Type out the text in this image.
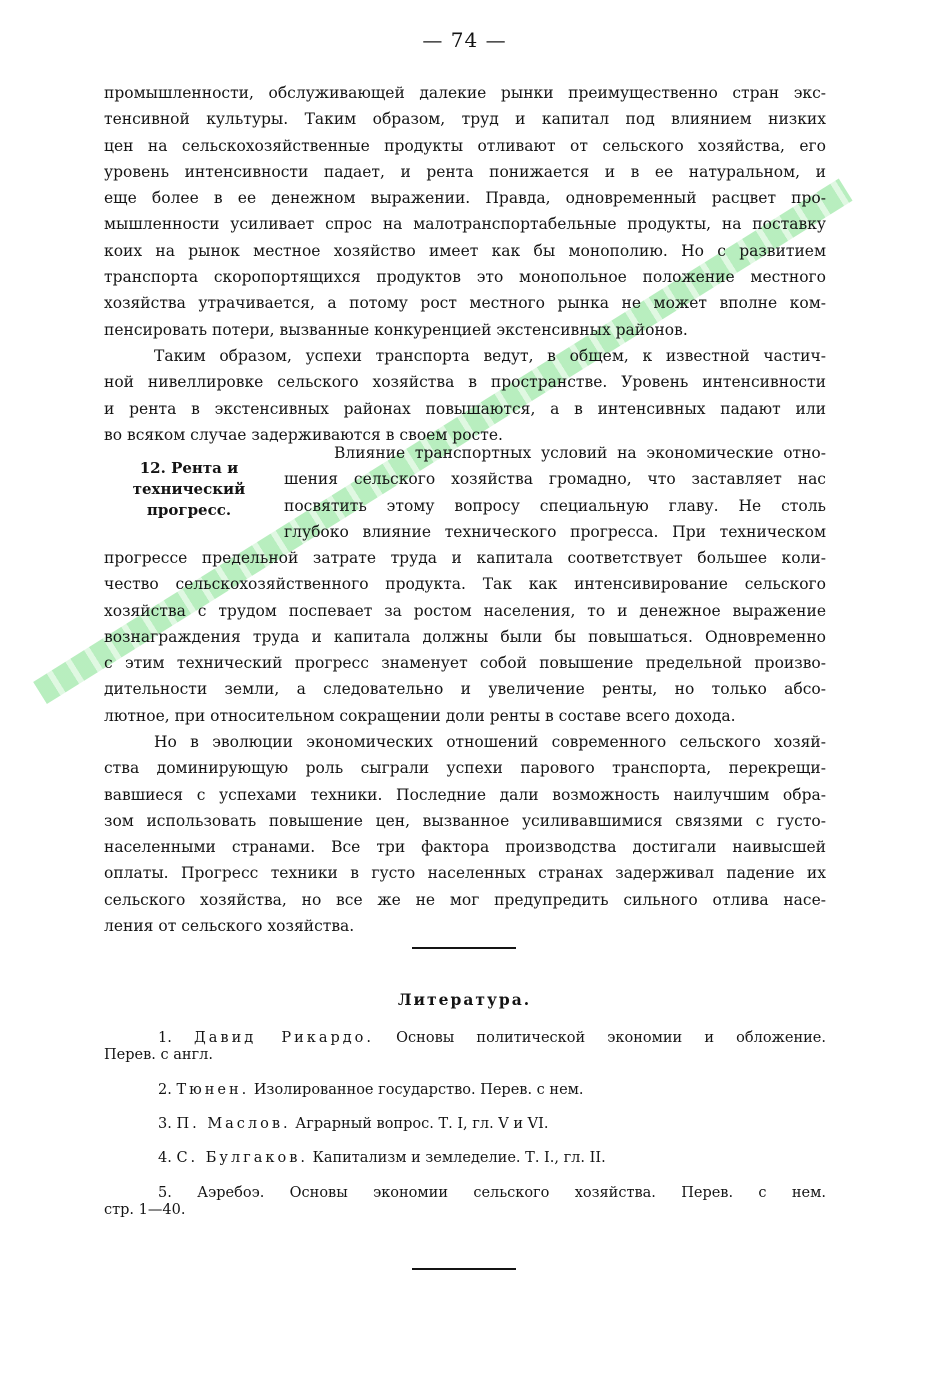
— 74 —
промышленности, обслуживающей далекие рынки преимущественно стран экс-
тенсивной культуры. Таким образом, труд и капитал под влиянием низких
цен на сельскохозяйственные продукты отливают от сельского хозяйства, его
уровень интенсивности падает, и рента понижается и в ее натуральном, и
еще более в ее денежном выражении. Правда, одновременный расцвет про-
мышленности усиливает спрос на малотранспортабельные продукты, на поставку
коих на рынок местное хозяйство имеет как бы монополию. Но с развитием
транспорта скоропортящихся продуктов это монопольное положение местного
хозяйства утрачивается, а потому рост местного рынка не может вполне ком-
пенсировать потери, вызванные конкуренцией экстенсивных районов.
Таким образом, успехи транспорта ведут, в общем, к известной частич-
ной нивеллировке сельского хозяйства в пространстве. Уровень интенсивности
и рента в экстенсивных районах повышаются, а в интенсивных падают или
во всяком случае задерживаются в своем росте.
12. Рента и
технический
прогресс.
Влияние транспортных условий на экономические отно-
шения сельского хозяйства громадно, что заставляет нас
посвятить этому вопросу специальную главу. Не столь
глубоко влияние технического прогресса. При техническом
прогрессе предельной затрате труда и капитала соответствует большее коли-
чество сельскохозяйственного продукта. Так как интенсивирование сельского
хозяйства с трудом поспевает за ростом населения, то и денежное выражение
вознаграждения труда и капитала должны были бы повышаться. Одновременно
с этим технический прогресс знаменует собой повышение предельной произво-
дительности земли, а следовательно и увеличение ренты, но только абсо-
лютное, при относительном сокращении доли ренты в составе всего дохода.
Но в эволюции экономических отношений современного сельского хозяй-
ства доминирующую роль сыграли успехи парового транспорта, перекрещи-
вавшиеся с успехами техники. Последние дали возможность наилучшим обра-
зом использовать повышение цен, вызванное усиливавшимися связями с густо-
населенными странами. Все три фактора производства достигали наивысшей
оплаты. Прогресс техники в густо населенных странах задерживал падение их
сельского хозяйства, но все же не мог предупредить сильного отлива насе-
ления от сельского хозяйства.
Литература.
1. Давид Рикардо. Основы политической экономии и обложение.
Перев. с англ.
2. Тюнен. Изолированное государство. Перев. с нем.
3. П. Маслов. Аграрный вопрос. Т. I, гл. V и VI.
4. С. Булгаков. Капитализм и земледелие. Т. I., гл. II.
5. Аэребоэ. Основы экономии сельского хозяйства. Перев. с нем.
стр. 1—40.
